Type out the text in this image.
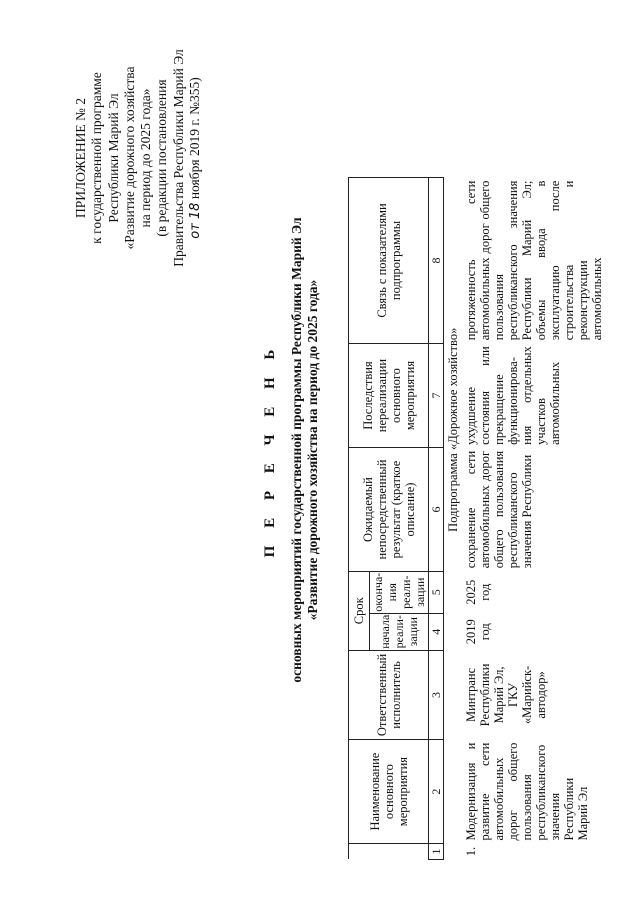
ПРИЛОЖЕНИЕ № 2 к государственной программе Республики Марий Эл «Развитие дорожного хозяйства на период до 2025 года» (в редакции постановления Правительства Республики Марий Эл от 18 ноября 2019 г. №355)
П Е Р Е Ч Е Н Ь основных мероприятий государственной программы Республики Марий Эл «Развитие дорожного хозяйства на период до 2025 года»
	Наименование основного мероприятия	Ответственный исполнитель	Срок		Ожидаемый непосредственный результат (краткое описание)	Последствия нереализации основного мероприятия	Связь с показателями подпрограммы	
			начала реали-зации	оконча-ния реали-зации				
1	2	3	4	5	6	7	8	
Подпрограмма «Дорожное хозяйство»								
1.	Модернизация и развитие сети автомобильных дорог общего пользования республиканского значения Республики Марий Эл	Минтранс Республики Марий Эл, ГКУ «Марийск-автодор»	2019 год	2025 год	сохранение сети автомобильных дорог общего пользования республиканского значения Республики	ухудшение состояния или прекращение функционирова-ния отдельных участков автомобильных	протяженность сети автомобильных дорог общего пользования республиканского значения Республики Марий Эл; объемы ввода в эксплуатацию после строительства и реконструкции автомобильных	
